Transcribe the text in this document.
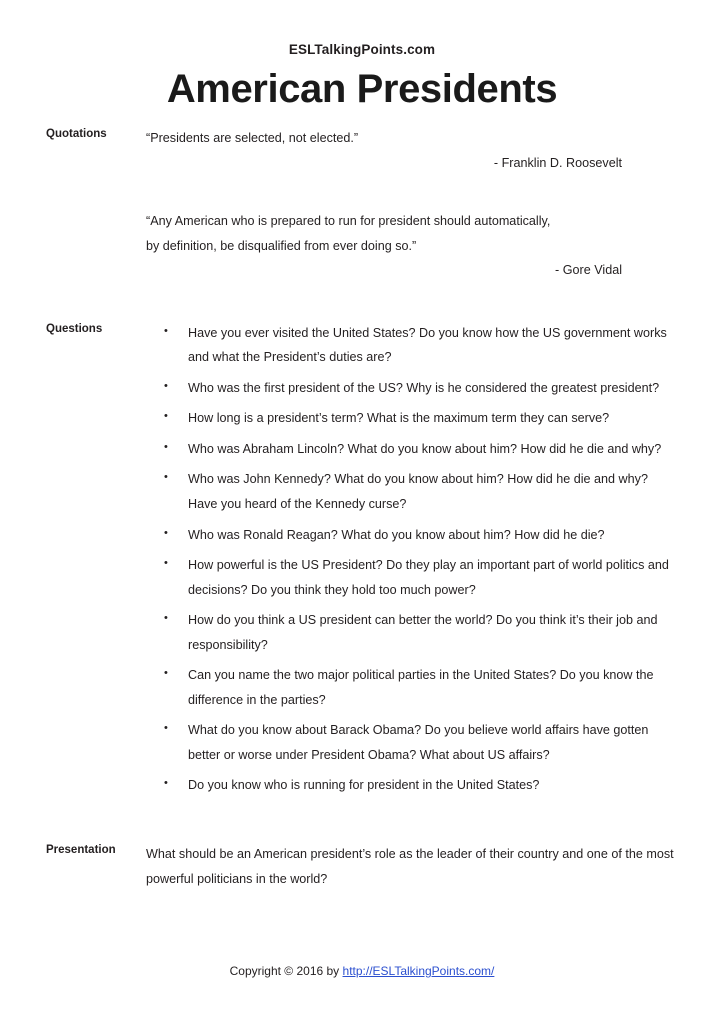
ESLTalkingPoints.com
American Presidents
Quotations	“Presidents are selected, not elected.”

- Franklin D. Roosevelt

“Any American who is prepared to run for president should automatically,

by definition, be disqualified from ever doing so.”

- Gore Vidal

Questions	• Have you ever visited the United States? Do you know how the US government works and what the President’s duties are?
• Who was the first president of the US? Why is he considered the greatest president?
• How long is a president’s term? What is the maximum term they can serve?
• Who was Abraham Lincoln? What do you know about him? How did he die and why?
• Who was John Kennedy? What do you know about him? How did he die and why? Have you heard of the Kennedy curse?
• Who was Ronald Reagan? What do you know about him? How did he die?
• How powerful is the US President? Do they play an important part of world politics and decisions? Do you think they hold too much power?
• How do you think a US president can better the world? Do you think it’s their job and responsibility?
• Can you name the two major political parties in the United States? Do you know the difference in the parties?
• What do you know about Barack Obama? Do you believe world affairs have gotten better or worse under President Obama? What about US affairs?
• Do you know who is running for president in the United States?
Presentation	What should be an American president’s role as the leader of their country and one of the most powerful politicians in the world?

Copyright © 2016 by http://ESLTalkingPoints.com/
